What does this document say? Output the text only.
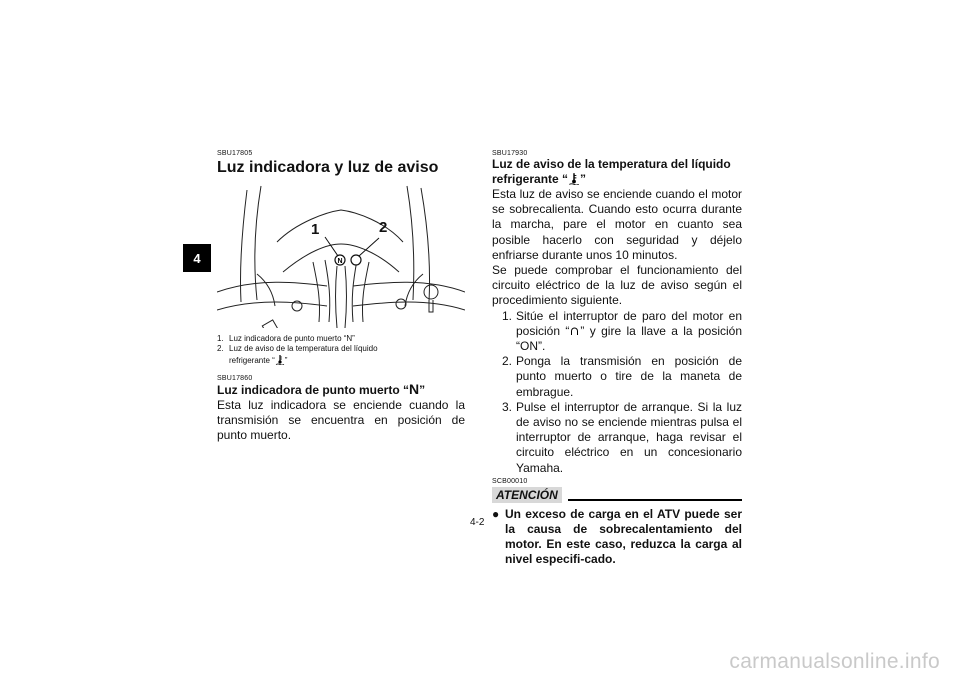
4
SBU17805
Luz indicadora y luz de aviso
N
1	2
1. Luz indicadora de punto muerto “N”
2. Luz de aviso de la temperatura del líquido
refrigerante “ ”
SBU17860
Luz indicadora de punto muerto “N”

Esta luz indicadora se enciende cuando la transmisión se encuentra en posición de punto muerto.

SBU17930
Luz de aviso de la temperatura del líquido
refrigerante “ ”

Esta luz de aviso se enciende cuando el motor se sobrecalienta. Cuando esto ocurra durante la marcha, pare el motor en cuanto sea posible hacerlo con seguridad y déjelo enfriarse durante unos 10 minutos.

Se puede comprobar el funcionamiento del circuito eléctrico de la luz de aviso según el procedimiento siguiente.

1. Sitúe el interruptor de paro del motor en posición “ ” y gire la llave a la posición “ON”.
2. Ponga la transmisión en posición de punto muerto o tire de la maneta de embrague.
3. Pulse el interruptor de arranque. Si la luz de aviso no se enciende mientras pulsa el interruptor de arranque, haga revisar el circuito eléctrico en un concesionario Yamaha.
SCB00010
ATENCIÓN
● Un exceso de carga en el ATV puede ser la causa de sobrecalentamiento del motor. En este caso, reduzca la carga al nivel especifi-cado.
4-2
carmanualsonline.info
